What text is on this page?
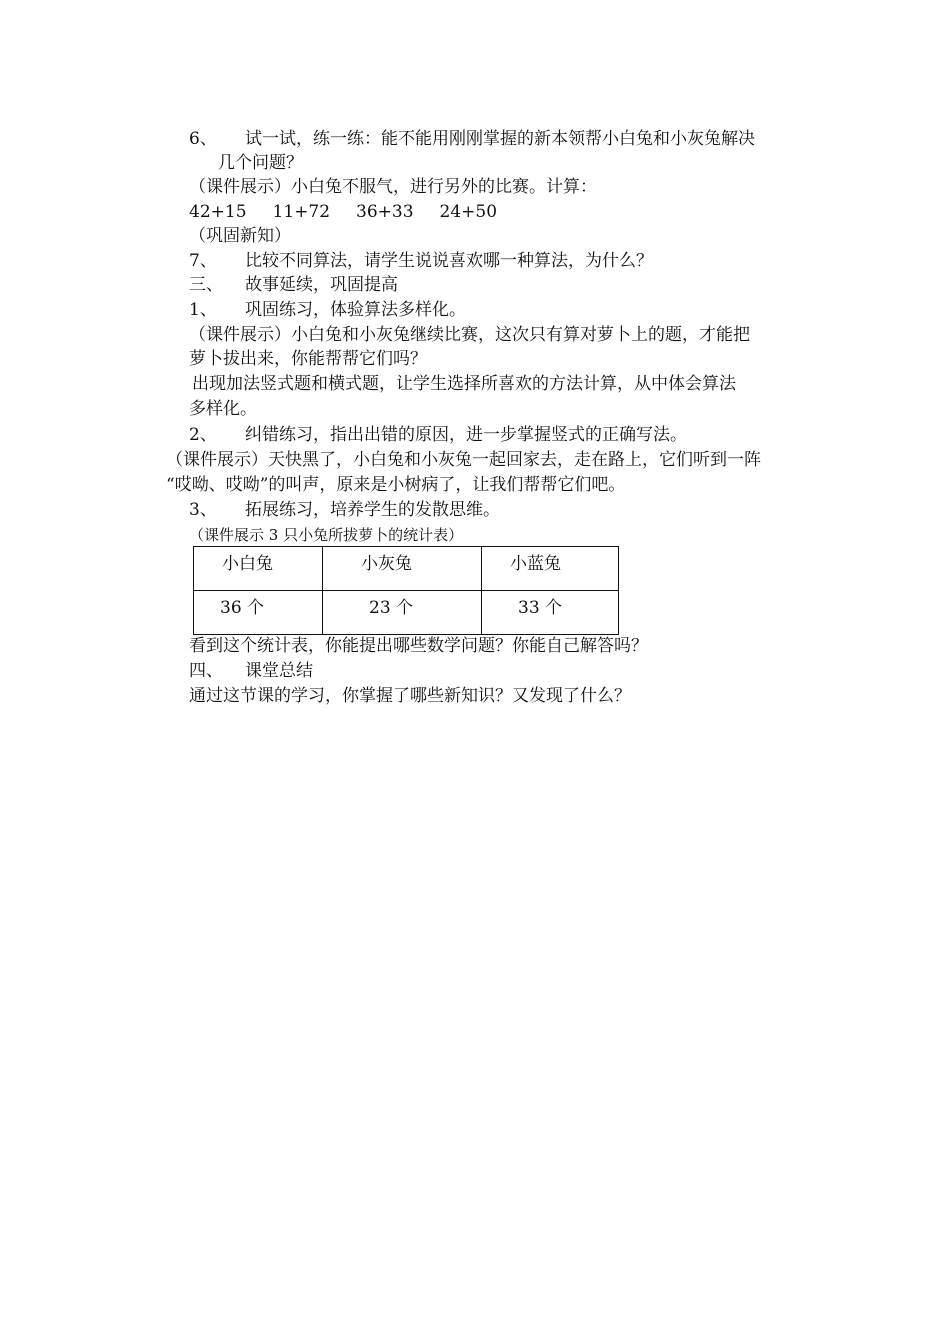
6、 试一试，练一练：能不能用刚刚掌握的新本领帮小白兔和小灰兔解决
几个问题？
（课件展示）小白兔不服气，进行另外的比赛。计算：
42+15 11+72 36+33 24+50
（巩固新知）
7、 比较不同算法，请学生说说喜欢哪一种算法，为什么？
三、 故事延续，巩固提高
1、 巩固练习，体验算法多样化。
（课件展示）小白兔和小灰兔继续比赛，这次只有算对萝卜上的题，才能把
萝卜拔出来，你能帮帮它们吗？
出现加法竖式题和横式题，让学生选择所喜欢的方法计算，从中体会算法
多样化。
2、 纠错练习，指出出错的原因，进一步掌握竖式的正确写法。
（课件展示）天快黑了，小白兔和小灰兔一起回家去，走在路上，它们听到一阵
“哎呦、哎呦”的叫声，原来是小树病了，让我们帮帮它们吧。
3、 拓展练习，培养学生的发散思维。
（课件展示 3 只小兔所拔萝卜的统计表）
小白兔	小灰兔	小蓝兔
36 个	23 个	33 个
看到这个统计表，你能提出哪些数学问题？你能自己解答吗？
四、 课堂总结
通过这节课的学习，你掌握了哪些新知识？又发现了什么？
